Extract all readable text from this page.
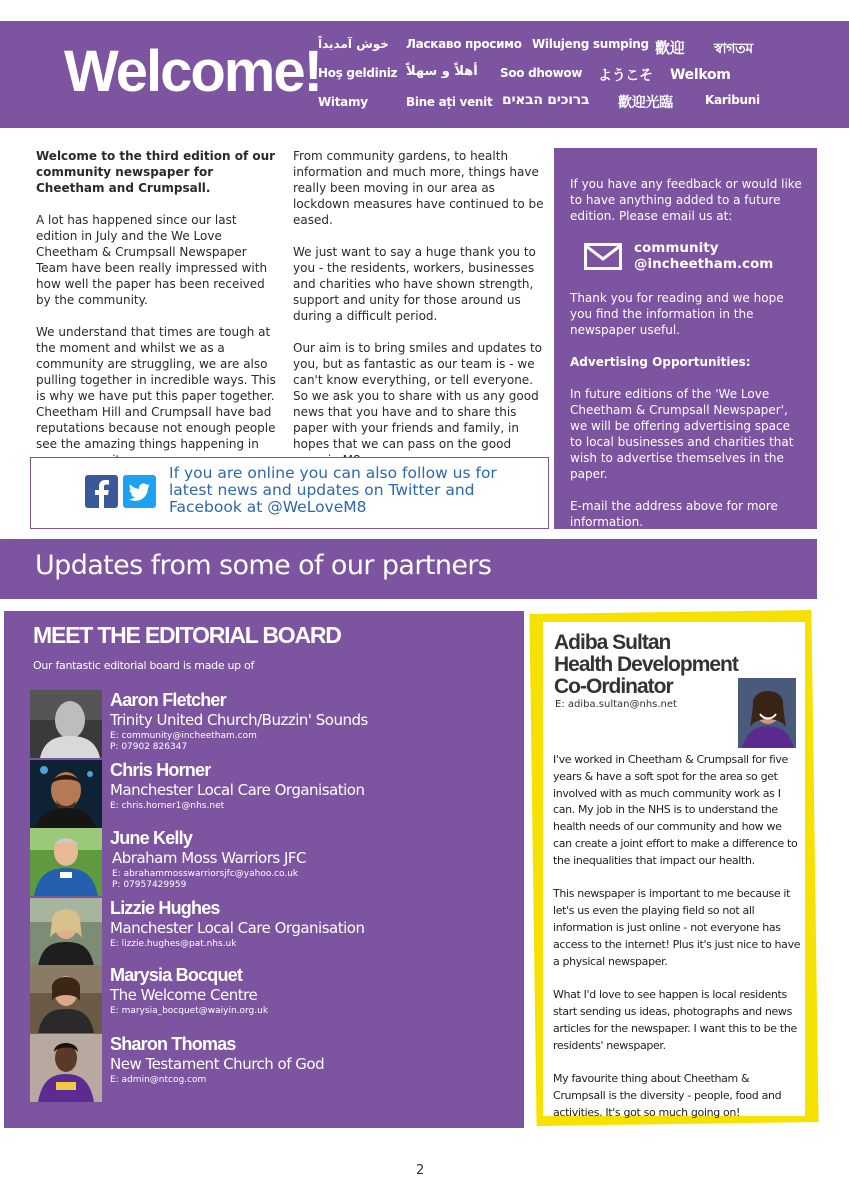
Welcome!
خوش آمدیداً Ласкаво просимо Wilujeng sumping 歡迎 স্বাগতম
Hoş geldiniz أهلاً و سهلاً Soo dhowow ようこそ Welkom
Witamy	Bine ați venit ברוכים הבאים 歡迎光臨	Karibuni

Welcome to the third edition of our community newspaper for Cheetham and Crumpsall.

A lot has happened since our last edition in July and the We Love Cheetham & Crumpsall Newspaper Team have been really impressed with how well the paper has been received by the community.

We understand that times are tough at the moment and whilst we as a community are struggling, we are also pulling together in incredible ways. This is why we have put this paper together. Cheetham Hill and Crumpsall have bad reputations because not enough people see the amazing things happening in

From community gardens, to health information and much more, things have really been moving in our area as lockdown measures have continued to be eased.

We just want to say a huge thank you to you - the residents, workers, businesses and charities who have shown strength, support and unity for those around us during a difficult period.

Our aim is to bring smiles and updates to you, but as fantastic as our team is - we can't know everything, or tell everyone. So we ask you to share with us any good news that you have and to share this paper with your friends and family, in hopes that we can pass on the good

If you have any feedback or would like to have anything added to a future edition. Please email us at:

community
@incheetham.com

Thank you for reading and we hope you find the information in the newspaper useful.

Advertising Opportunities:

In future editions of the 'We Love Cheetham & Crumpsall Newspaper', we will be offering advertising space to local businesses and charities that wish to advertise themselves in the paper.

E-mail the address above for more information.

If you are online you can also follow us for latest news and updates on Twitter and Facebook at @WeLoveM8
Updates from some of our partners
MEET THE EDITORIAL BOARD
Our fantastic editorial board is made up of
Aaron Fletcher
Trinity United Church/Buzzin' Sounds
E: community@incheetham.com
P: 07902 826347
Chris Horner
Manchester Local Care Organisation
E: chris.horner1@nhs.net
June Kelly
Abraham Moss Warriors JFC
E: abrahammosswarriorsjfc@yahoo.co.uk
P: 07957429959
Lizzie Hughes
Manchester Local Care Organisation
E: lizzie.hughes@pat.nhs.uk
Marysia Bocquet
The Welcome Centre
E: marysia_bocquet@waiyin.org.uk
Sharon Thomas
New Testament Church of God
E: admin@ntcog.com
Adiba Sultan
Health Development
Co-Ordinator
E: adiba.sultan@nhs.net

I've worked in Cheetham & Crumpsall for five years & have a soft spot for the area so get involved with as much community work as I can. My job in the NHS is to understand the health needs of our community and how we can create a joint effort to make a difference to the inequalities that impact our health.

This newspaper is important to me because it let's us even the playing field so not all information is just online - not everyone has access to the internet! Plus it's just nice to have a physical newspaper.

What I'd love to see happen is local residents start sending us ideas, photographs and news articles for the newspaper. I want this to be the residents' newspaper.

My favourite thing about Cheetham & Crumpsall is the diversity - people, food and activities. It's got so much going on!

2
